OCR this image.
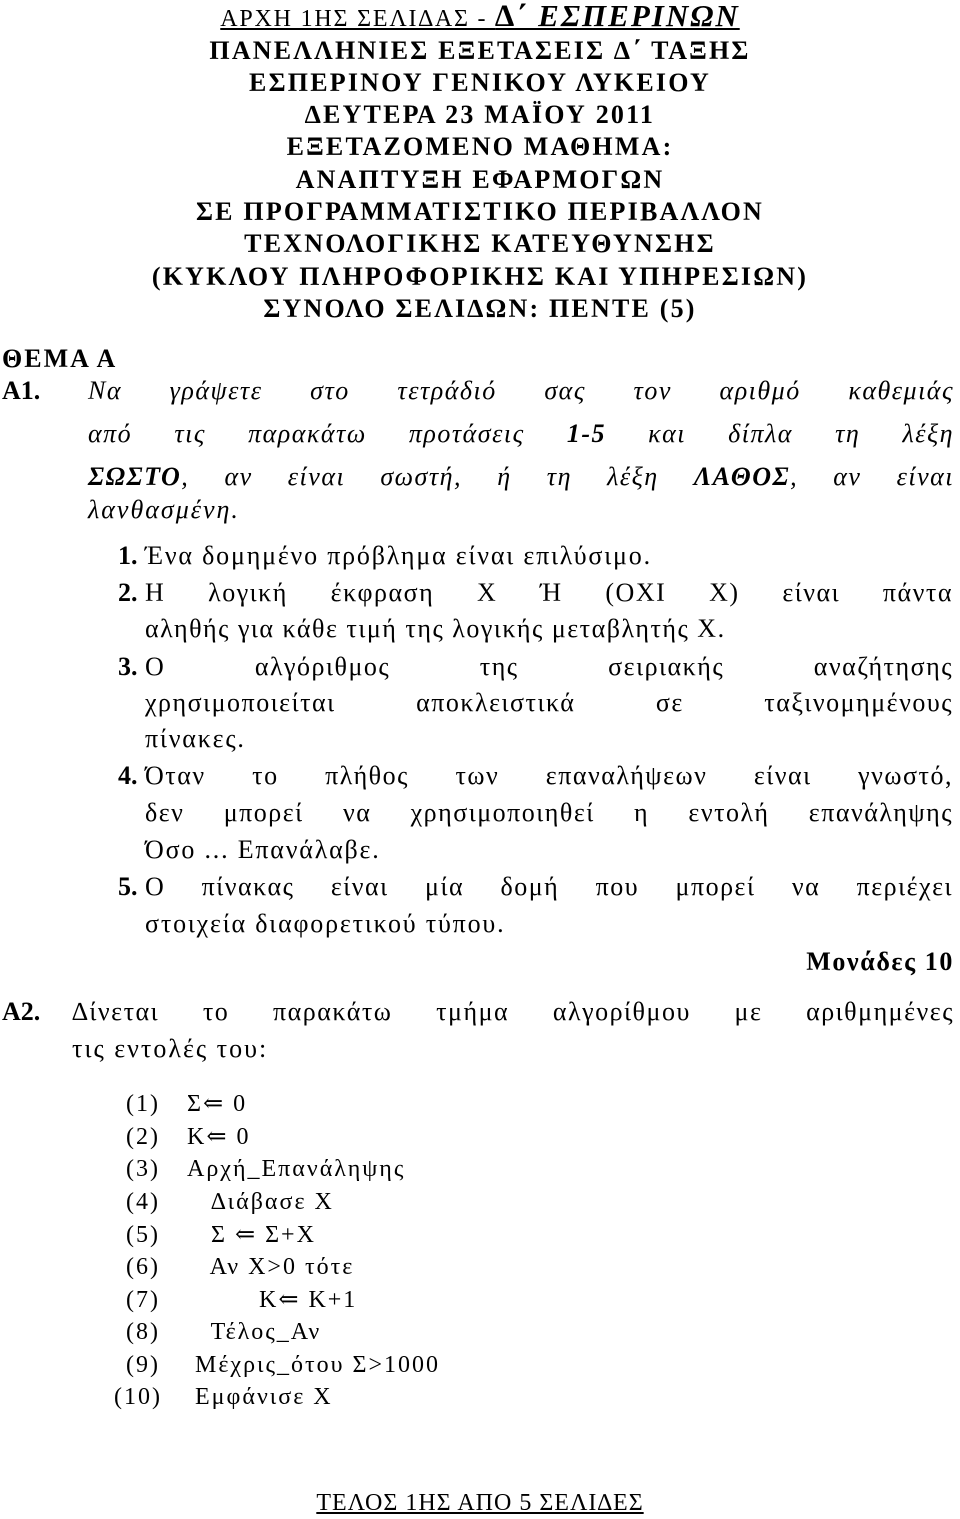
ΑΡΧΗ 1ΗΣ ΣΕΛΙ∆ΑΣ - ∆΄ ΕΣΠΕΡΙΝΩΝ
ΠΑΝΕΛΛΗΝΙΕΣ ΕΞΕΤΑΣΕΙΣ ∆΄ ΤΑΞΗΣ
ΕΣΠΕΡΙΝΟΥ ΓΕΝΙΚΟΥ ΛΥΚΕΙΟΥ
∆ΕΥΤΕΡΑ 23 ΜΑΪΟΥ 2011
ΕΞΕΤΑΖΟΜΕΝΟ ΜΑΘΗΜΑ:
ΑΝΑΠΤΥΞΗ ΕΦΑΡΜΟΓΩΝ
ΣΕ ΠΡΟΓΡΑΜΜΑΤΙΣΤΙΚΟ ΠΕΡΙΒΑΛΛΟΝ
ΤΕΧΝΟΛΟΓΙΚΗΣ ΚΑΤΕΥΘΥΝΣΗΣ
(ΚΥΚΛΟΥ ΠΛΗΡΟΦΟΡΙΚΗΣ ΚΑΙ ΥΠΗΡΕΣΙΩΝ)
ΣΥΝΟΛΟ ΣΕΛΙ∆ΩΝ: ΠΕΝΤΕ (5)
ΘΕΜΑ Α
Α1. Να γράψετε στο τετράδιό σας τον αριθμό καθεμιάς
από τις παρακάτω προτάσεις 1-5 και δίπλα τη λέξη
ΣΩΣΤΟ, αν είναι σωστή, ή τη λέξη ΛΑΘΟΣ, αν είναι
λανθασμένη.
1. Ένα δομημένο πρόβλημα είναι επιλύσιμο.
2. Η λογική έκφραση Χ Ή (ΟΧΙ Χ) είναι πάντα
αληθής για κάθε τιμή της λογικής μεταβλητής Χ.
3. Ο αλγόριθμος της σειριακής αναζήτησης
χρησιμοποιείται αποκλειστικά σε ταξινομημένους
πίνακες.
4. Όταν το πλήθος των επαναλήψεων είναι γνωστό,
δεν μπορεί να χρησιμοποιηθεί η εντολή επανάληψης
Όσο ... Επανάλαβε.
5. Ο πίνακας είναι μία δομή που μπορεί να περιέχει
στοιχεία διαφορετικού τύπου.
Μονάδες 10
Α2. ∆ίνεται το παρακάτω τμήμα αλγορίθμου με αριθμημένες
τις εντολές του:
(1) Σ⇐ 0
(2) Κ⇐ 0
(3) Αρχή_Επανάληψης
(4) ∆ιάβασε Χ
(5) Σ ⇐ Σ+Χ
(6) Αν Χ>0 τότε
(7) Κ⇐ Κ+1
(8) Τέλος_Αν
(9) Μέχρις_ότου Σ>1000
(10) Εμφάνισε Χ
ΤΕΛΟΣ 1ΗΣ ΑΠΟ 5 ΣΕΛΙ∆ΕΣ
